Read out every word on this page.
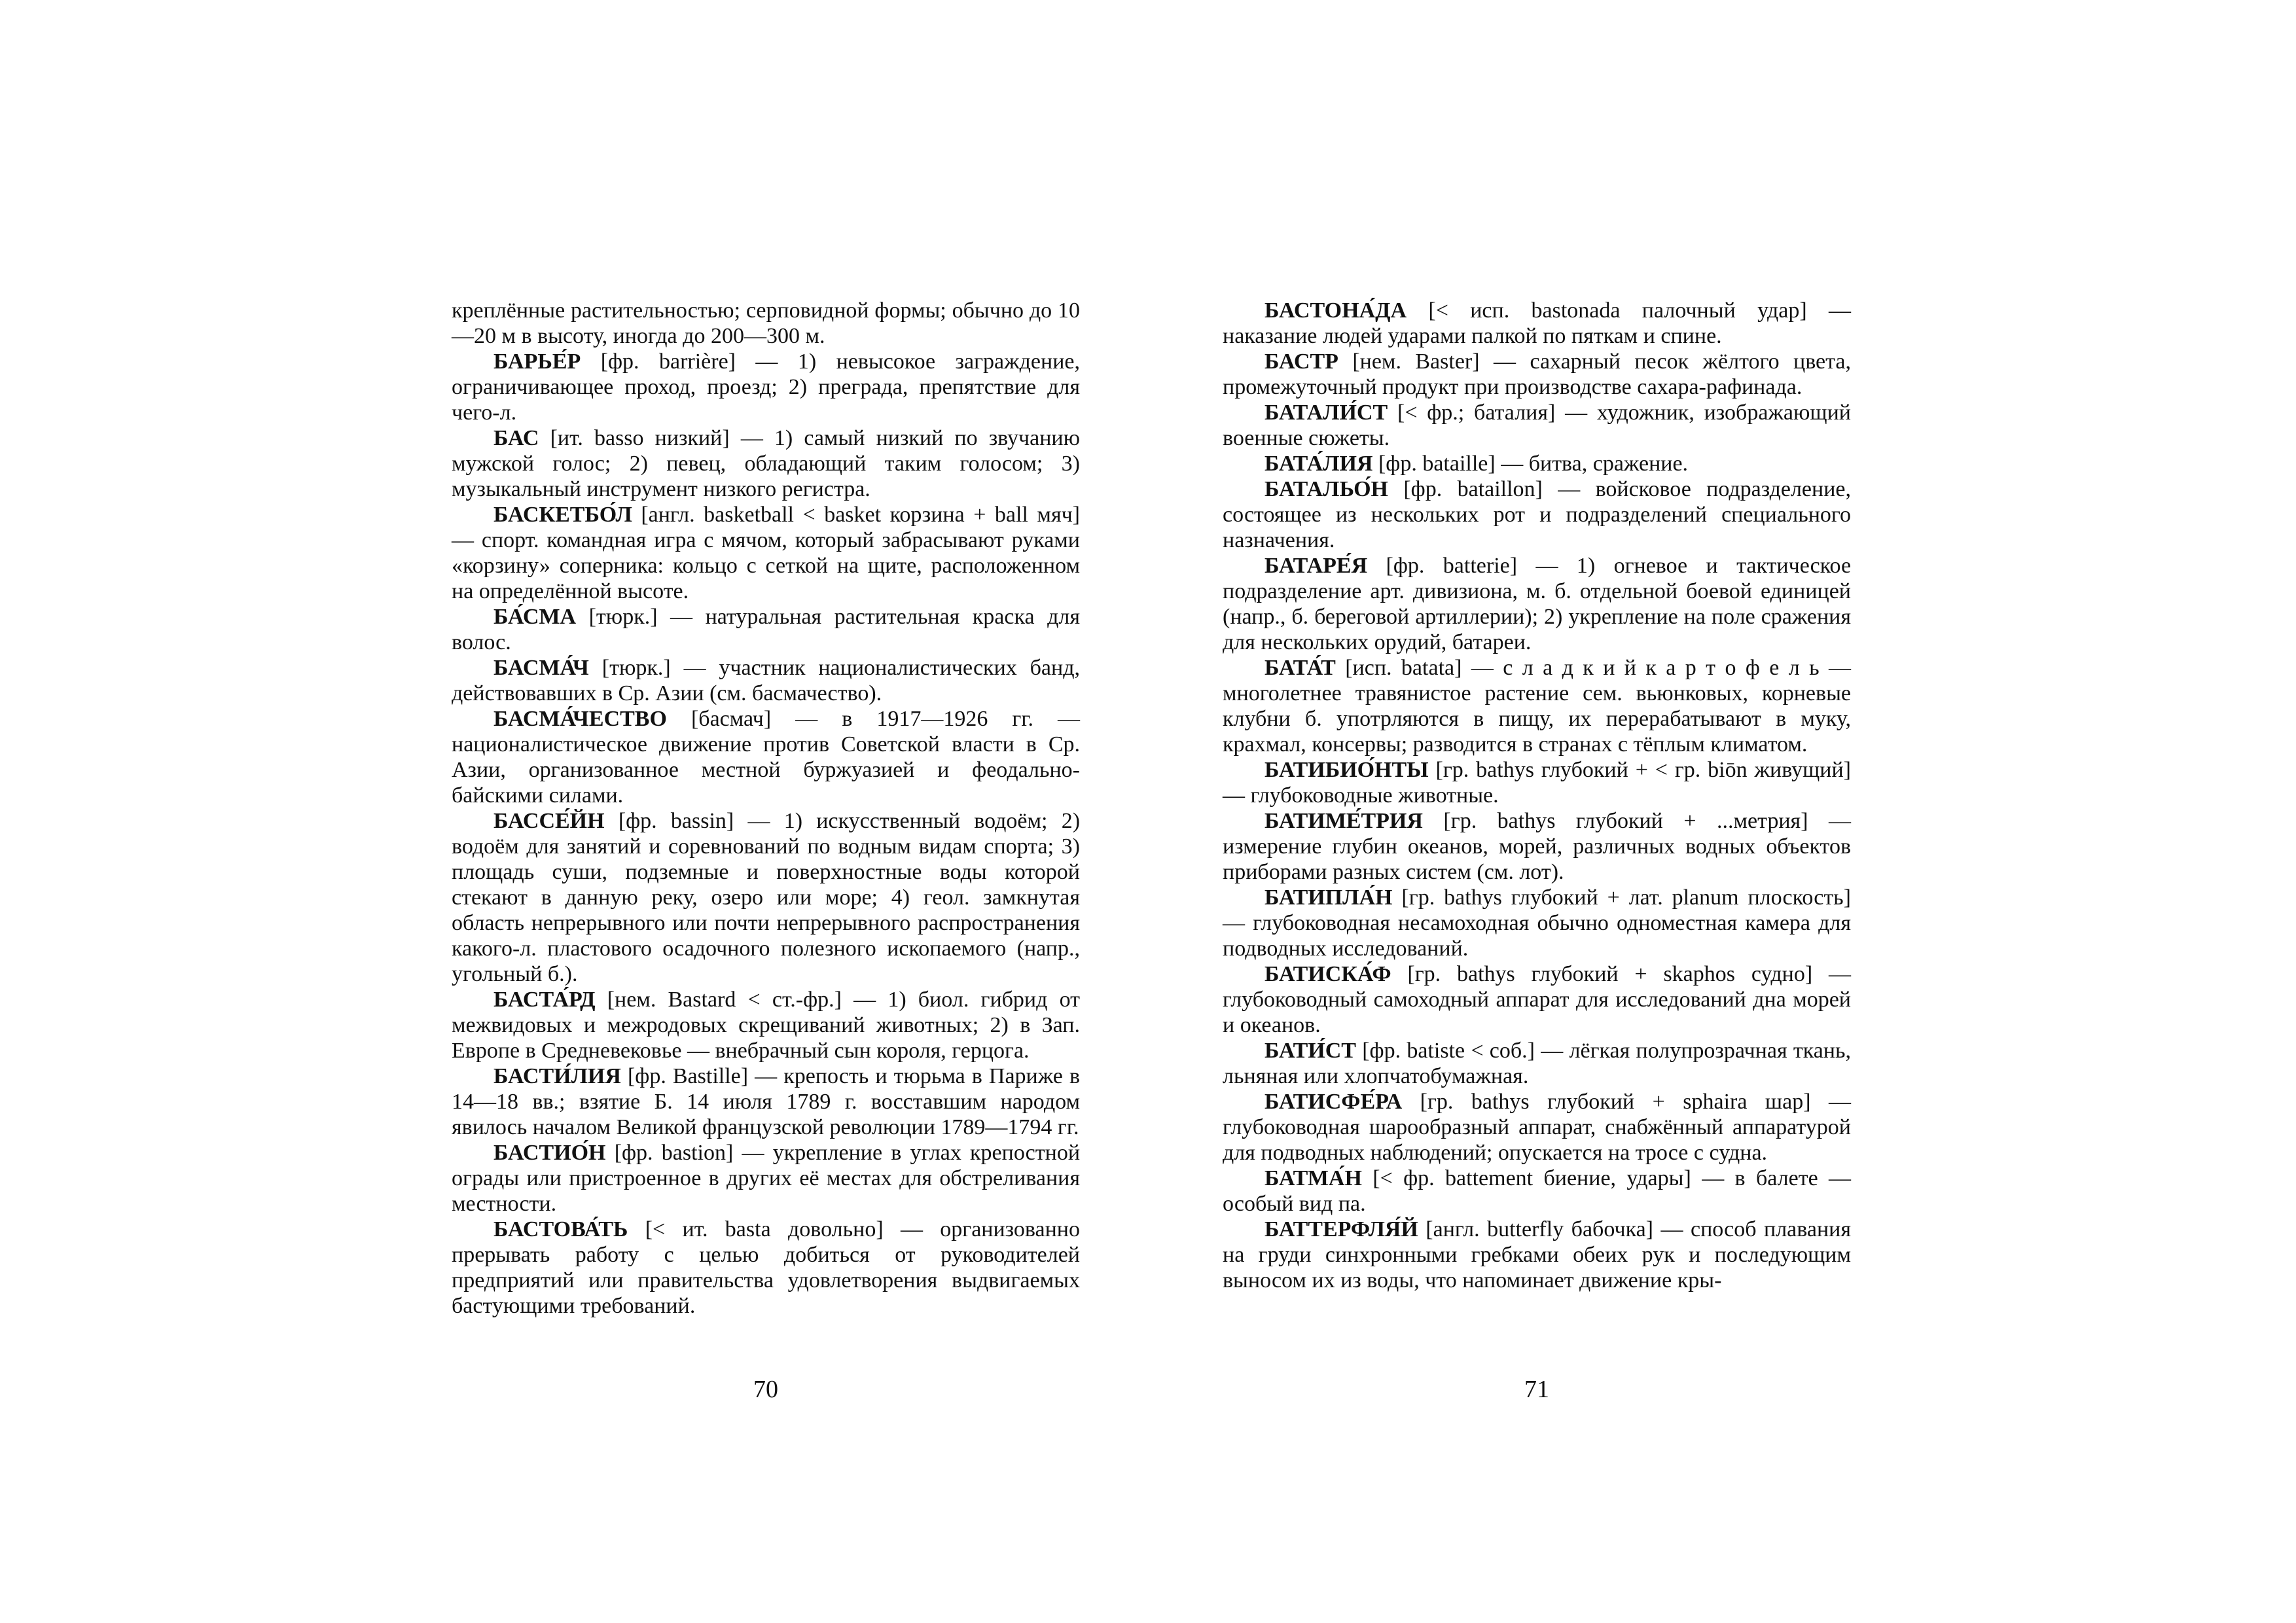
креплённые растительностью; серповидной формы; обычно до 10—20 м в высоту, иногда до 200—300 м.

БАРЬЕ́Р [фр. barrière] — 1) невысокое заграждение, ограничивающее проход, проезд; 2) преграда, препятствие для чего-л.

БАС [ит. basso низкий] — 1) самый низкий по звучанию мужской голос; 2) певец, обладающий таким голосом; 3) музыкальный инструмент низкого регистра.

БАСКЕТБО́Л [англ. basketball < basket корзина + ball мяч] — спорт. командная игра с мячом, который забрасывают руками «корзину» соперника: кольцо с сеткой на щите, расположенном на определённой высоте.

БА́СМА [тюрк.] — натуральная растительная краска для волос.

БАСМА́Ч [тюрк.] — участник националистических банд, действовавших в Ср. Азии (см. басмачество).

БАСМА́ЧЕСТВО [басмач] — в 1917—1926 гг. — националистическое движение против Советской власти в Ср. Азии, организованное местной буржуазией и феодально-байскими силами.

БАССЕ́ЙН [фр. bassin] — 1) искусственный водоём; 2) водоём для занятий и соревнований по водным видам спорта; 3) площадь суши, подземные и поверхностные воды которой стекают в данную реку, озеро или море; 4) геол. замкнутая область непрерывного или почти непрерывного распространения какого-л. пластового осадочного полезного ископаемого (напр., угольный б.).

БАСТА́РД [нем. Bastard < ст.-фр.] — 1) биол. гибрид от межвидовых и межродовых скрещиваний животных; 2) в Зап. Европе в Средневековье — внебрачный сын короля, герцога.

БАСТИ́ЛИЯ [фр. Bastille] — крепость и тюрьма в Париже в 14—18 вв.; взятие Б. 14 июля 1789 г. восставшим народом явилось началом Великой французской революции 1789—1794 гг.

БАСТИО́Н [фр. bastion] — укрепление в углах крепостной ограды или пристроенное в других её местах для обстреливания местности.

БАСТОВА́ТЬ [< ит. basta довольно] — организованно прерывать работу с целью добиться от руководителей предприятий или правительства удовлетворения выдвигаемых бастующими требований.

БАСТОНА́ДА [< исп. bastonada палочный удар] — наказание людей ударами палкой по пяткам и спине.

БАСТР [нем. Baster] — сахарный песок жёлтого цвета, промежуточный продукт при производстве сахара-рафинада.

БАТАЛИ́СТ [< фр.; баталия] — художник, изображающий военные сюжеты.

БАТА́ЛИЯ [фр. bataille] — битва, сражение.

БАТАЛЬО́Н [фр. bataillon] — войсковое подразделение, состоящее из нескольких рот и подразделений специального назначения.

БАТАРЕ́Я [фр. batterie] — 1) огневое и тактическое подразделение арт. дивизиона, м. б. отдельной боевой единицей (напр., б. береговой артиллерии); 2) укрепление на поле сражения для нескольких орудий, батареи.

БАТА́Т [исп. batata] — с л а д к и й к а р т о ф е л ь — многолетнее травянистое растение сем. вьюнковых, корневые клубни б. употрляются в пищу, их перерабатывают в муку, крахмал, консервы; разводится в странах с тёплым климатом.

БАТИБИО́НТЫ [гр. bathys глубокий + < гр. biōn живущий] — глубоководные животные.

БАТИМЕ́ТРИЯ [гр. bathys глубокий + ...метрия] — измерение глубин океанов, морей, различных водных объектов приборами разных систем (см. лот).

БАТИПЛА́Н [гр. bathys глубокий + лат. planum плоскость] — глубоководная несамоходная обычно одноместная камера для подводных исследований.

БАТИСКА́Ф [гр. bathys глубокий + skaphos судно] — глубоководный самоходный аппарат для исследований дна морей и океанов.

БАТИ́СТ [фр. batiste < соб.] — лёгкая полупрозрачная ткань, льняная или хлопчатобумажная.

БАТИСФЕ́РА [гр. bathys глубокий + sphaira шар] — глубоководная шарообразный аппарат, снабжённый аппаратурой для подводных наблюдений; опускается на тросе с судна.

БАТМА́Н [< фр. battement биение, удары] — в балете — особый вид па.

БАТТЕРФЛЯ́Й [англ. butterfly бабочка] — способ плавания на груди синхронными гребками обеих рук и последующим выносом их из воды, что напоминает движение кры-

70	71
